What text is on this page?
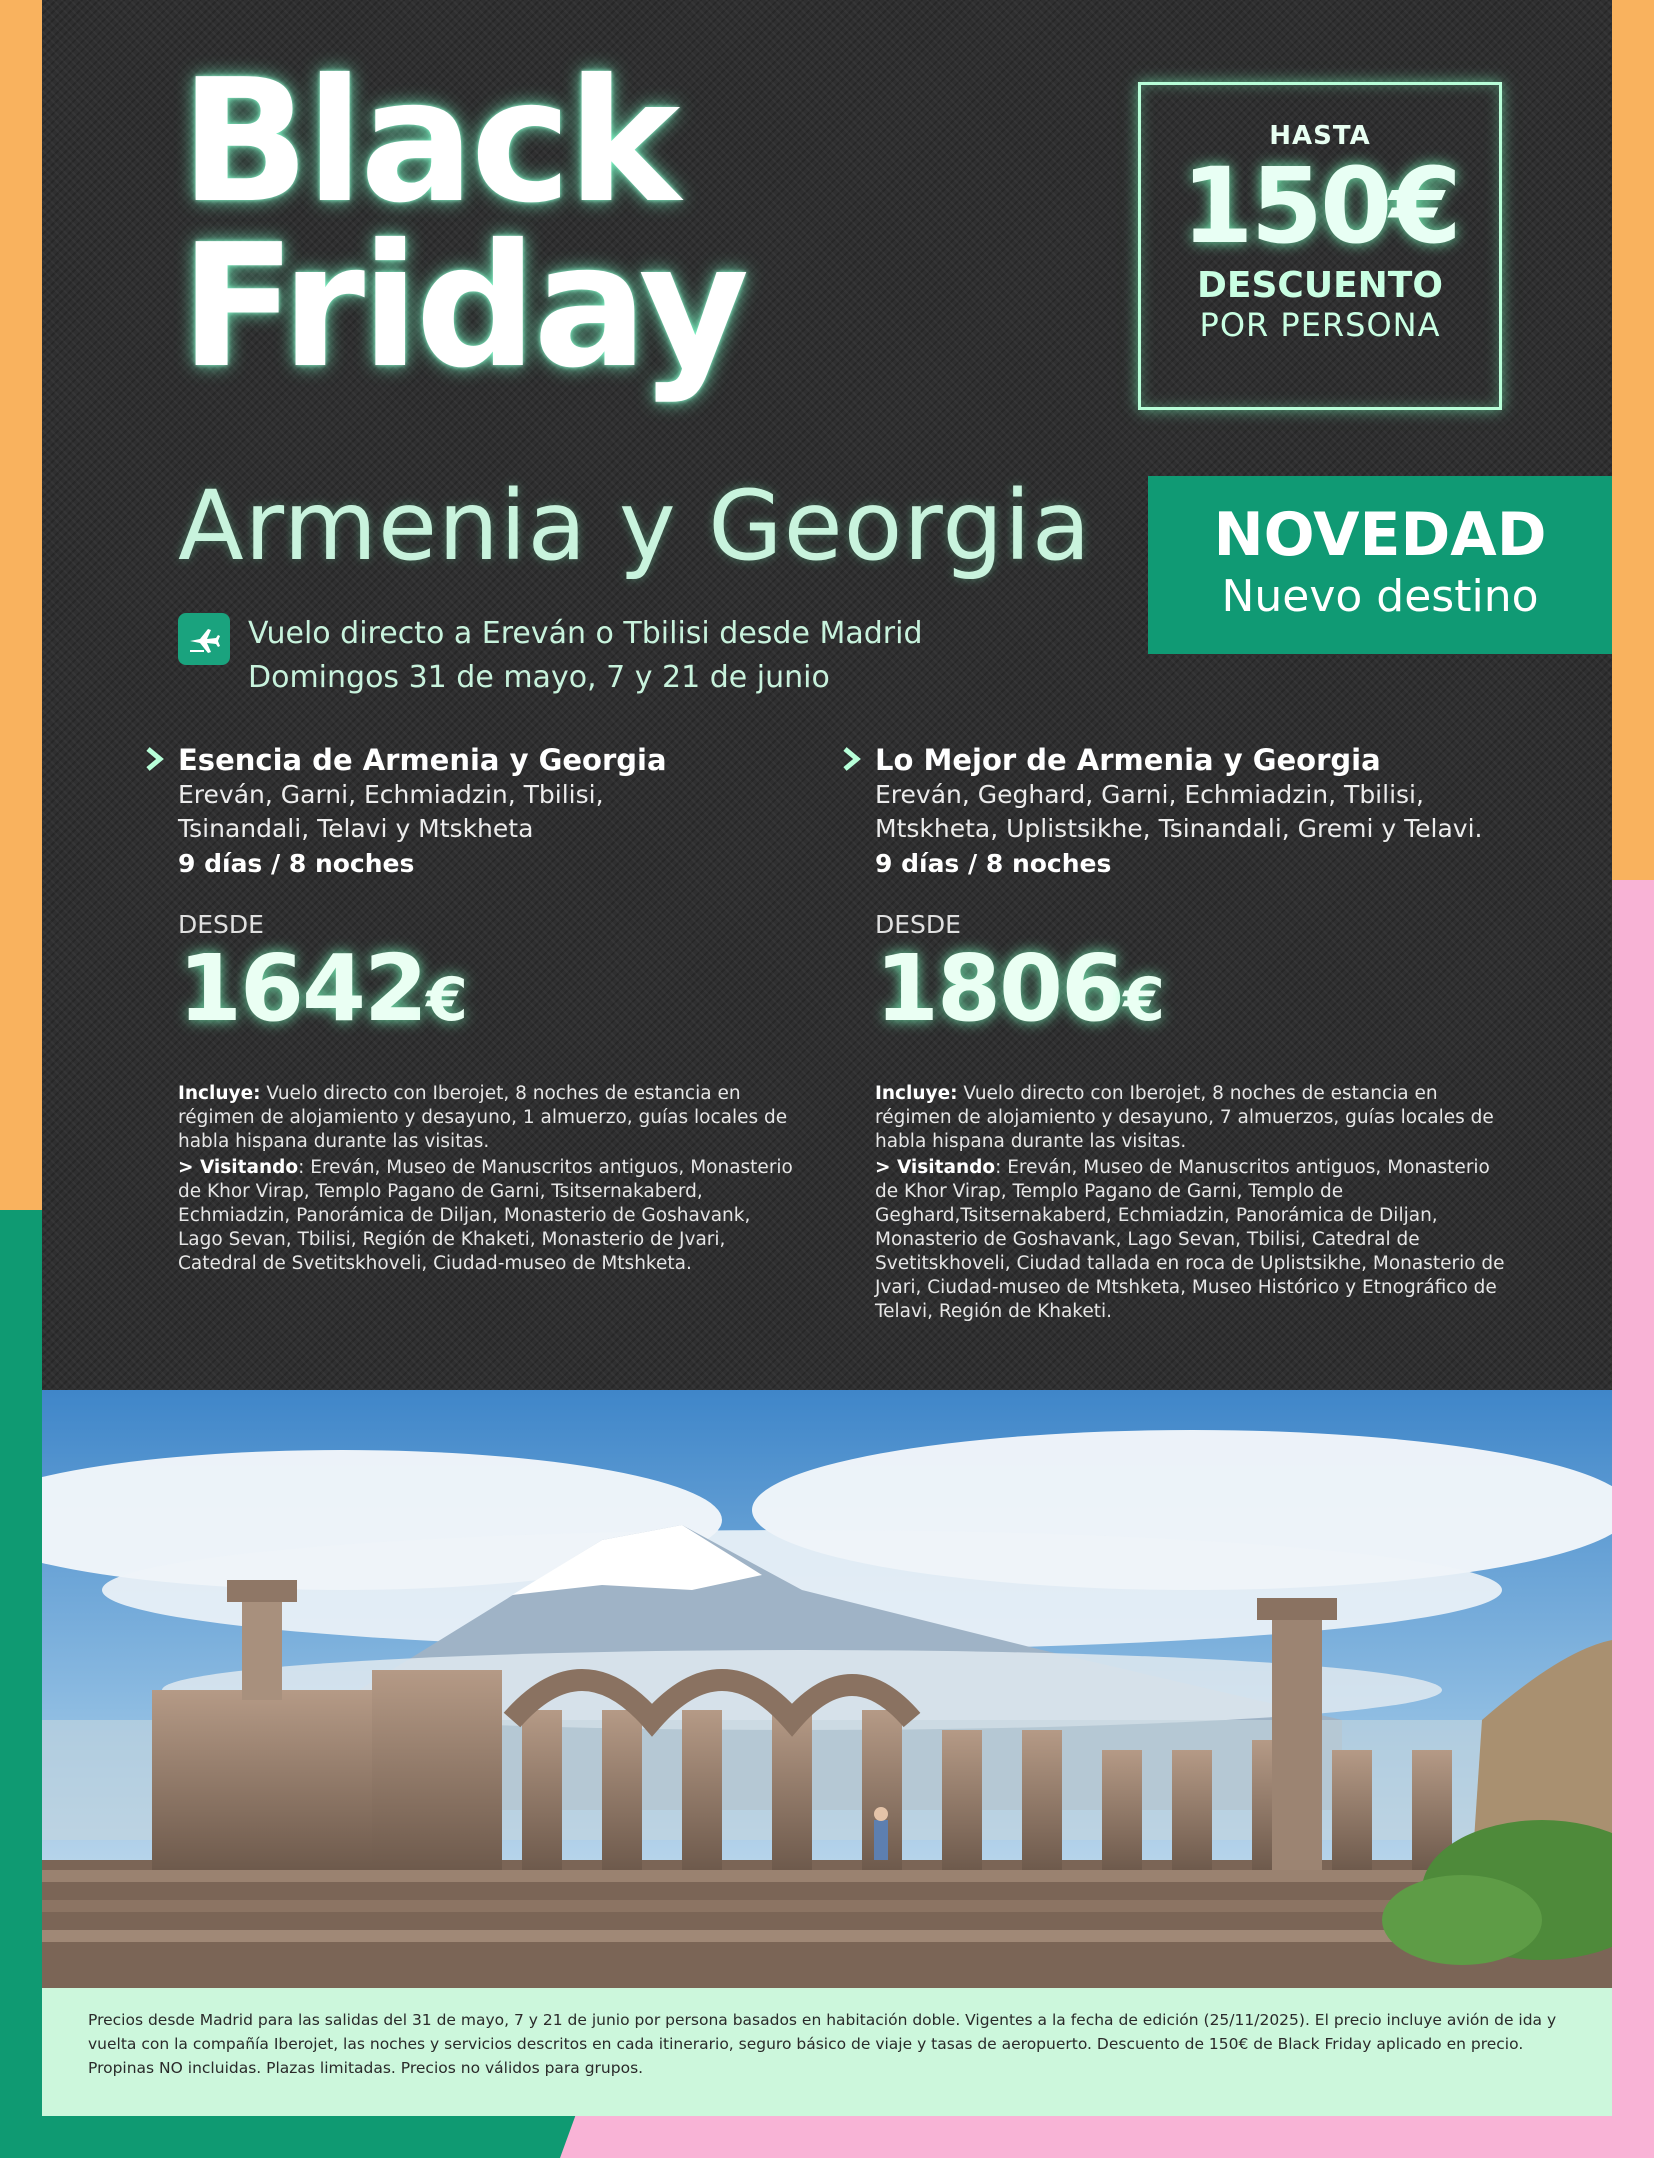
Black
Friday
HASTA
150€
DESCUENTO
POR PERSONA
Armenia y Georgia	NOVEDAD
Nuevo destino
Vuelo directo a Ereván o Tbilisi desde Madrid
Domingos 31 de mayo, 7 y 21 de junio
Esencia de Armenia y Georgia
Ereván, Garni, Echmiadzin, Tbilisi,
Tsinandali, Telavi y Mtskheta
9 días / 8 noches
DESDE
1642€

Incluye: Vuelo directo con Iberojet, 8 noches de estancia en régimen de alojamiento y desayuno, 1 almuerzo, guías locales de habla hispana durante las visitas.

> Visitando: Ereván, Museo de Manuscritos antiguos, Monasterio de Khor Virap, Templo Pagano de Garni, Tsitsernakaberd, Echmiadzin, Panorámica de Diljan, Monasterio de Goshavank, Lago Sevan, Tbilisi, Región de Khaketi, Monasterio de Jvari, Catedral de Svetitskhoveli, Ciudad-museo de Mtshketa.

Lo Mejor de Armenia y Georgia
Ereván, Geghard, Garni, Echmiadzin, Tbilisi,
Mtskheta, Uplistsikhe, Tsinandali, Gremi y Telavi.
9 días / 8 noches
DESDE
1806€

Incluye: Vuelo directo con Iberojet, 8 noches de estancia en régimen de alojamiento y desayuno, 7 almuerzos, guías locales de habla hispana durante las visitas.

> Visitando: Ereván, Museo de Manuscritos antiguos, Monasterio de Khor Virap, Templo Pagano de Garni, Templo de Geghard,Tsitsernakaberd, Echmiadzin, Panorámica de Diljan, Monasterio de Goshavank, Lago Sevan, Tbilisi, Catedral de Svetitskhoveli, Ciudad tallada en roca de Uplistsikhe, Monasterio de Jvari, Ciudad-museo de Mtshketa, Museo Histórico y Etnográfico de Telavi, Región de Khaketi.

Precios desde Madrid para las salidas del 31 de mayo, 7 y 21 de junio por persona basados en habitación doble. Vigentes a la fecha de edición (25/11/2025). El precio incluye avión de ida y vuelta con la compañía Iberojet, las noches y servicios descritos en cada itinerario, seguro básico de viaje y tasas de aeropuerto. Descuento de 150€ de Black Friday aplicado en precio. Propinas NO incluidas. Plazas limitadas. Precios no válidos para grupos.
